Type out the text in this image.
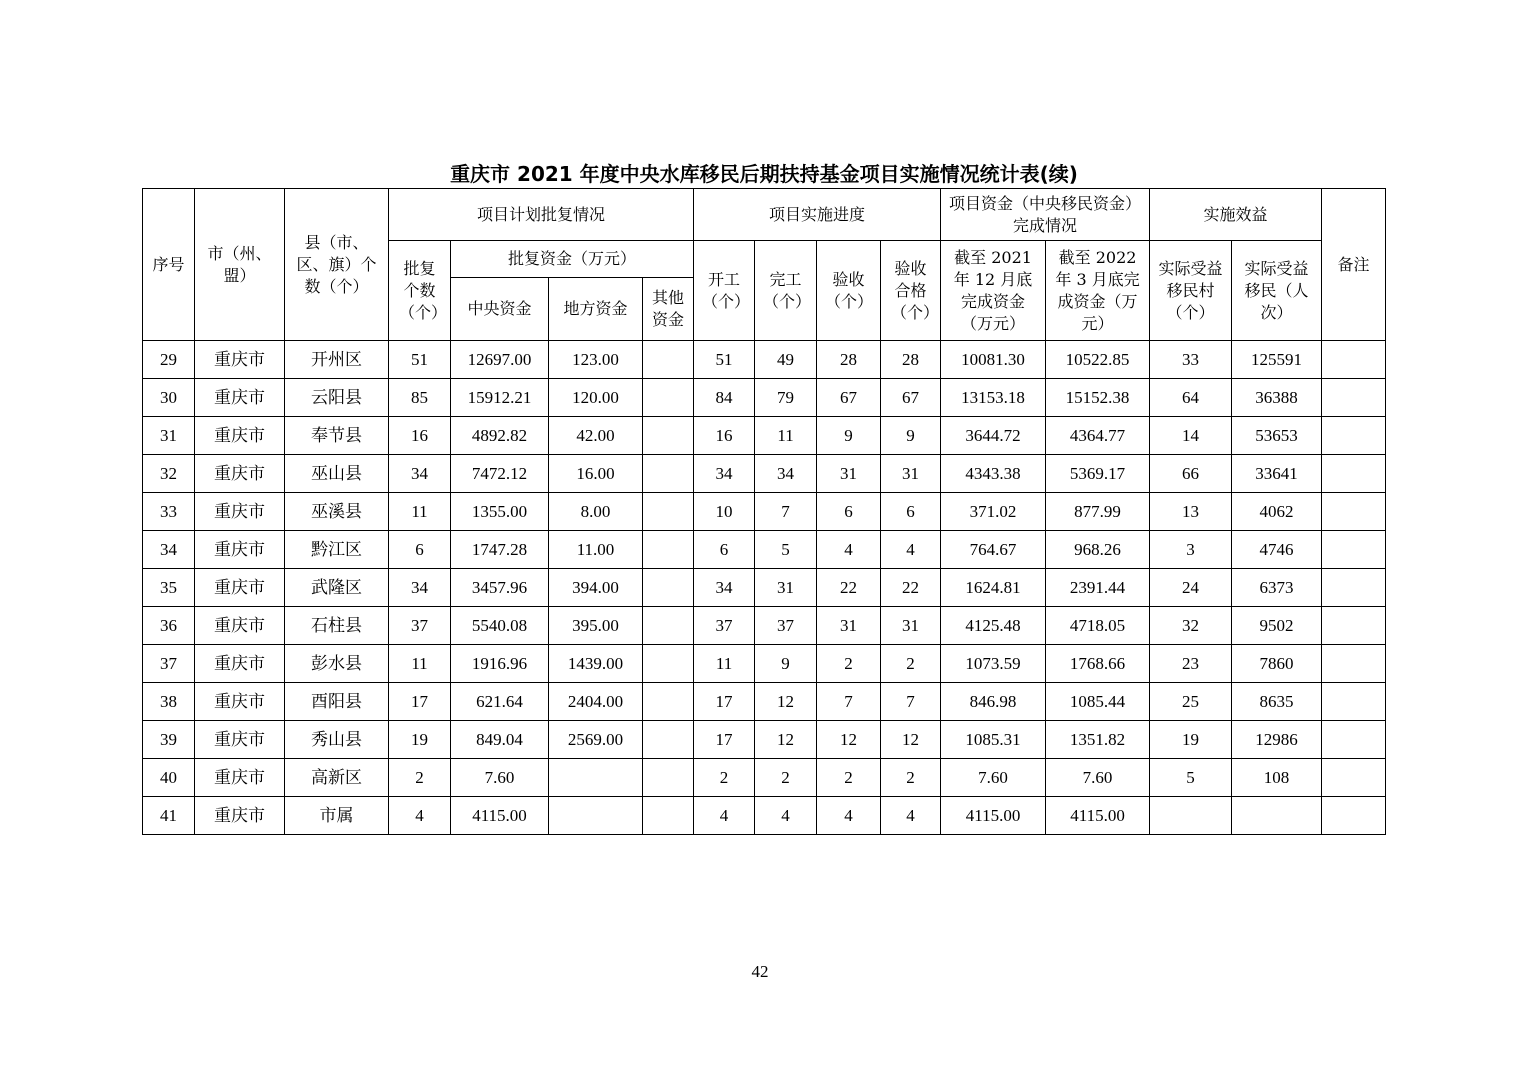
重庆市 2021 年度中央水库移民后期扶持基金项目实施情况统计表(续)
序号	市（州、盟）	县（市、区、旗）个数（个）	项目计划批复情况				项目实施进度				项目资金（中央移民资金）完成情况		实施效益		备注
			批复个数（个）	批复资金（万元）			开工（个）	完工（个）	验收（个）	验收合格（个）	截至 2021 年 12 月底完成资金（万元）	截至 2022 年 3 月底完成资金（万元）	实际受益移民村（个）	实际受益移民（人次）	
				中央资金	地方资金	其他资金									
29	重庆市	开州区	51	12697.00	123.00		51	49	28	28	10081.30	10522.85	33	125591	
30	重庆市	云阳县	85	15912.21	120.00		84	79	67	67	13153.18	15152.38	64	36388	
31	重庆市	奉节县	16	4892.82	42.00		16	11	9	9	3644.72	4364.77	14	53653	
32	重庆市	巫山县	34	7472.12	16.00		34	34	31	31	4343.38	5369.17	66	33641	
33	重庆市	巫溪县	11	1355.00	8.00		10	7	6	6	371.02	877.99	13	4062	
34	重庆市	黔江区	6	1747.28	11.00		6	5	4	4	764.67	968.26	3	4746	
35	重庆市	武隆区	34	3457.96	394.00		34	31	22	22	1624.81	2391.44	24	6373	
36	重庆市	石柱县	37	5540.08	395.00		37	37	31	31	4125.48	4718.05	32	9502	
37	重庆市	彭水县	11	1916.96	1439.00		11	9	2	2	1073.59	1768.66	23	7860	
38	重庆市	酉阳县	17	621.64	2404.00		17	12	7	7	846.98	1085.44	25	8635	
39	重庆市	秀山县	19	849.04	2569.00		17	12	12	12	1085.31	1351.82	19	12986	
40	重庆市	高新区	2	7.60			2	2	2	2	7.60	7.60	5	108	
41	重庆市	市属	4	4115.00			4	4	4	4	4115.00	4115.00			
42
